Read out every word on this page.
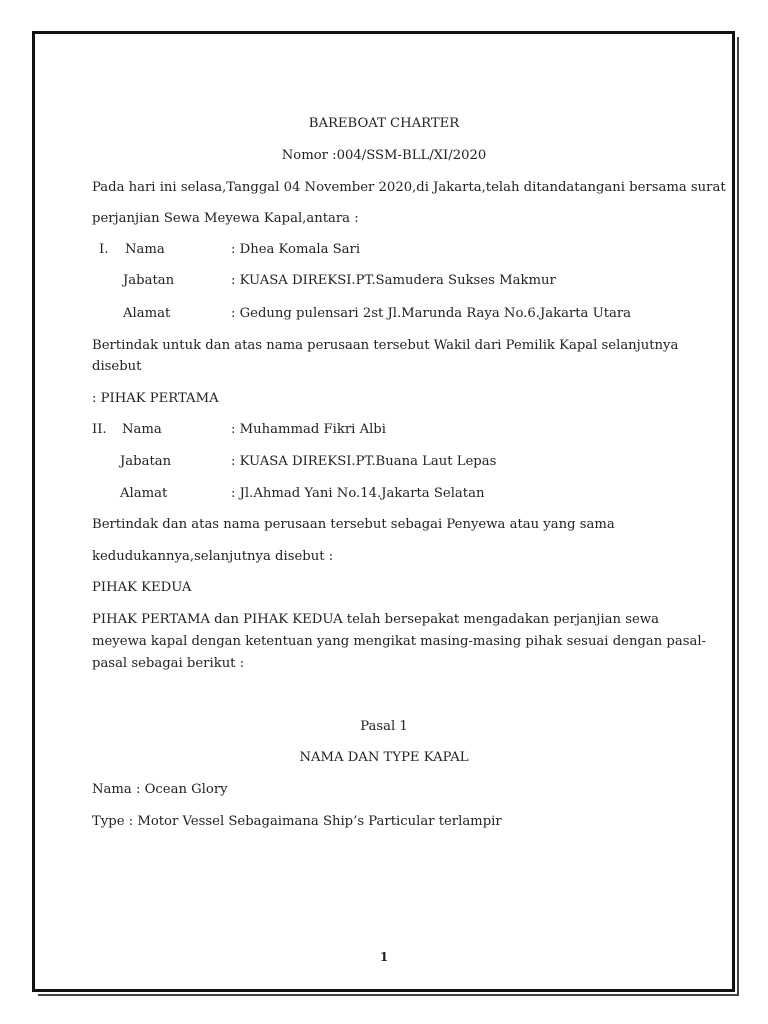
BAREBOAT CHARTER
Nomor :004/SSM-BLL/XI/2020
Pada hari ini selasa,Tanggal 04 November 2020,di Jakarta,telah ditandatangani bersama surat
perjanjian Sewa Meyewa Kapal,antara :
I. Nama	: Dhea Komala Sari
Jabatan	: KUASA DIREKSI.PT.Samudera Sukses Makmur
Alamat	: Gedung pulensari 2st Jl.Marunda Raya No.6.Jakarta Utara
Bertindak untuk dan atas nama perusaan tersebut Wakil dari Pemilik Kapal selanjutnya
disebut
: PIHAK PERTAMA
II. Nama	: Muhammad Fikri Albi
Jabatan	: KUASA DIREKSI.PT.Buana Laut Lepas
Alamat	: Jl.Ahmad Yani No.14.Jakarta Selatan
Bertindak dan atas nama perusaan tersebut sebagai Penyewa atau yang sama
kedudukannya,selanjutnya disebut :
PIHAK KEDUA
PIHAK PERTAMA dan PIHAK KEDUA telah bersepakat mengadakan perjanjian sewa
meyewa kapal dengan ketentuan yang mengikat masing-masing pihak sesuai dengan pasal-
pasal sebagai berikut :
Pasal 1
NAMA DAN TYPE KAPAL
Nama : Ocean Glory
Type : Motor Vessel Sebagaimana Ship’s Particular terlampir
1
